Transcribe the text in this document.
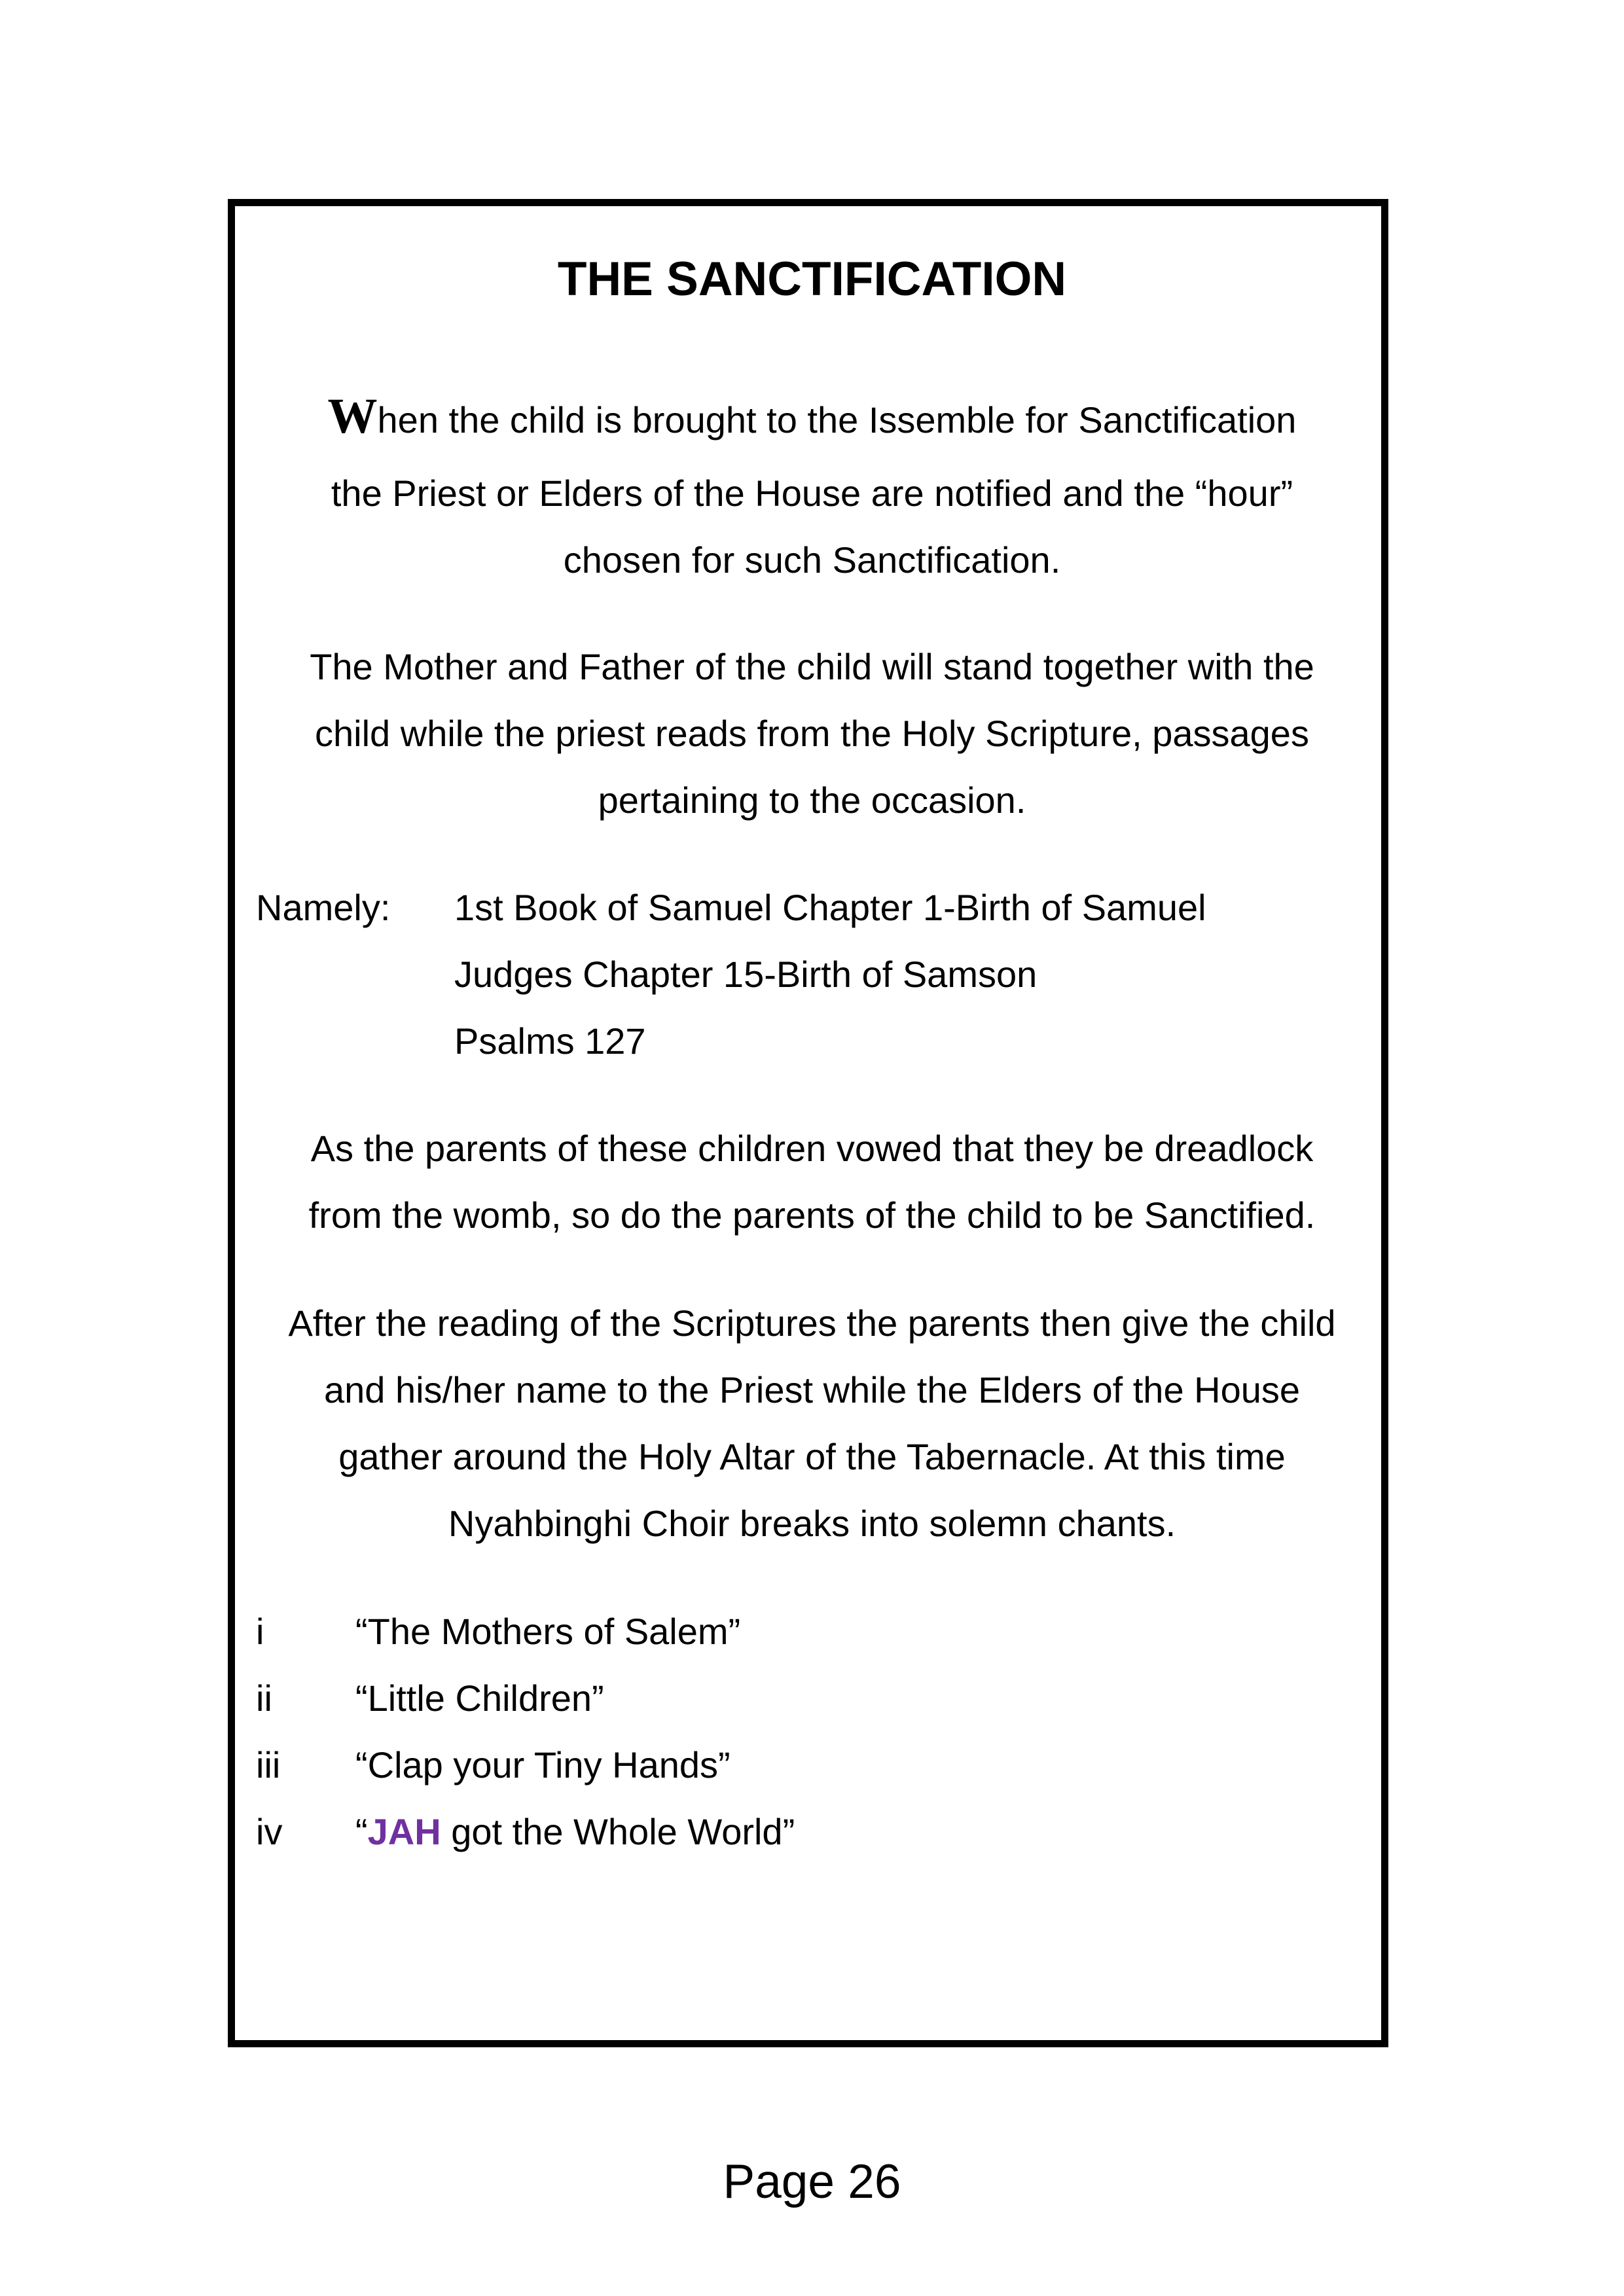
THE SANCTIFICATION
When the child is brought to the Issemble for Sanctification
the Priest or Elders of the House are notified and the “hour”
chosen for such Sanctification.
The Mother and Father of the child will stand together with the
child while the priest reads from the Holy Scripture, passages
pertaining to the occasion.
Namely: 1st Book of Samuel Chapter 1-Birth of Samuel
Judges Chapter 15-Birth of Samson
Psalms 127
As the parents of these children vowed that they be dreadlock
from the womb, so do the parents of the child to be Sanctified.
After the reading of the Scriptures the parents then give the child
and his/her name to the Priest while the Elders of the House
gather around the Holy Altar of the Tabernacle. At this time
Nyahbinghi Choir breaks into solemn chants.
i “The Mothers of Salem”
ii “Little Children”
iii “Clap your Tiny Hands”
iv “JAH got the Whole World”
Page 26
